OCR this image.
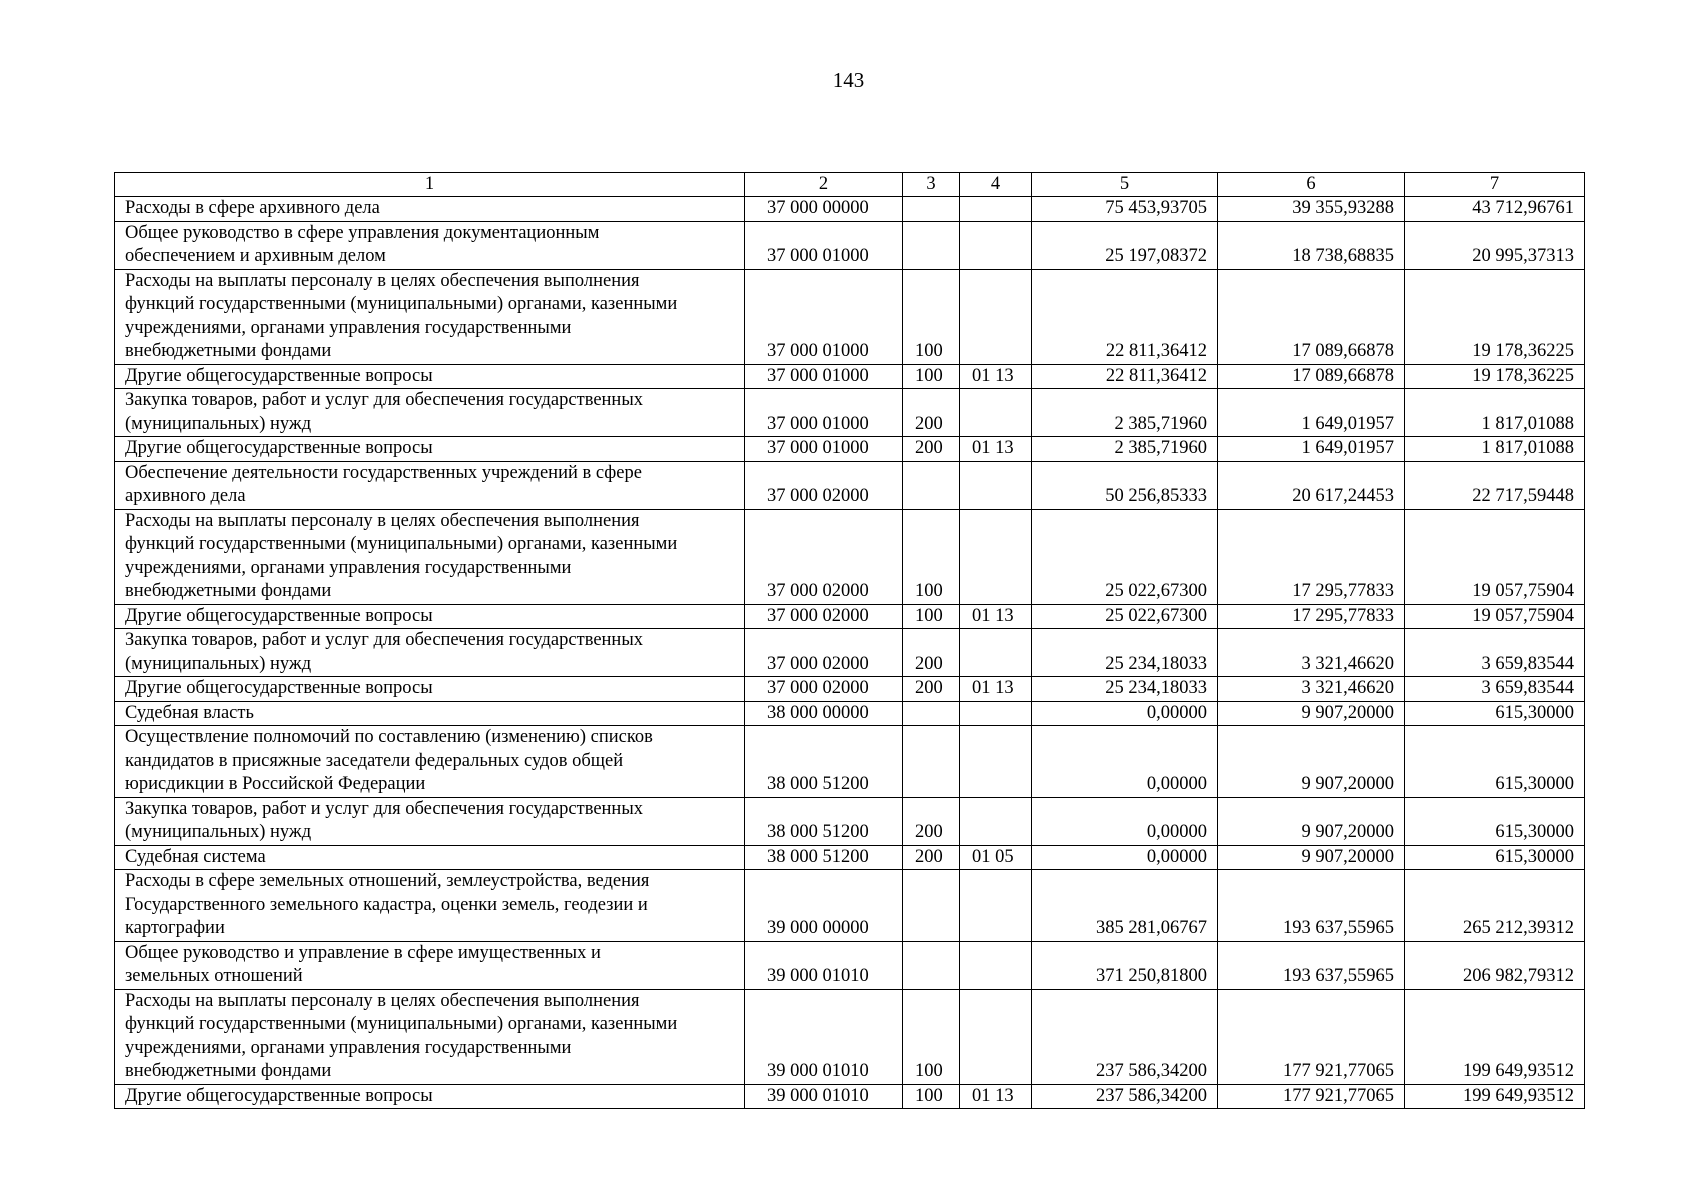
143
1	2	3	4	5	6	7

Расходы в сфере архивного дела	37 000 00000			75 453,93705	39 355,93288	43 712,96761

Общее руководство в сфере управления документационным
обеспечением и архивным делом	37 000 01000			25 197,08372	18 738,68835	20 995,37313

Расходы на выплаты персоналу в целях обеспечения выполнения
функций государственными (муниципальными) органами, казенными
учреждениями, органами управления государственными
внебюджетными фондами	37 000 01000	100		22 811,36412	17 089,66878	19 178,36225

Другие общегосударственные вопросы	37 000 01000	100	01 13	22 811,36412	17 089,66878	19 178,36225

Закупка товаров, работ и услуг для обеспечения государственных
(муниципальных) нужд	37 000 01000	200		2 385,71960	1 649,01957	1 817,01088

Другие общегосударственные вопросы	37 000 01000	200	01 13	2 385,71960	1 649,01957	1 817,01088

Обеспечение деятельности государственных учреждений в сфере
архивного дела	37 000 02000			50 256,85333	20 617,24453	22 717,59448

Расходы на выплаты персоналу в целях обеспечения выполнения
функций государственными (муниципальными) органами, казенными
учреждениями, органами управления государственными
внебюджетными фондами	37 000 02000	100		25 022,67300	17 295,77833	19 057,75904

Другие общегосударственные вопросы	37 000 02000	100	01 13	25 022,67300	17 295,77833	19 057,75904

Закупка товаров, работ и услуг для обеспечения государственных
(муниципальных) нужд	37 000 02000	200		25 234,18033	3 321,46620	3 659,83544

Другие общегосударственные вопросы	37 000 02000	200	01 13	25 234,18033	3 321,46620	3 659,83544

Судебная власть	38 000 00000			0,00000	9 907,20000	615,30000

Осуществление полномочий по составлению (изменению) списков
кандидатов в присяжные заседатели федеральных судов общей
юрисдикции в Российской Федерации	38 000 51200			0,00000	9 907,20000	615,30000

Закупка товаров, работ и услуг для обеспечения государственных
(муниципальных) нужд	38 000 51200	200		0,00000	9 907,20000	615,30000

Судебная система	38 000 51200	200	01 05	0,00000	9 907,20000	615,30000

Расходы в сфере земельных отношений, землеустройства, ведения
Государственного земельного кадастра, оценки земель, геодезии и
картографии	39 000 00000			385 281,06767	193 637,55965	265 212,39312

Общее руководство и управление в сфере имущественных и
земельных отношений	39 000 01010			371 250,81800	193 637,55965	206 982,79312

Расходы на выплаты персоналу в целях обеспечения выполнения
функций государственными (муниципальными) органами, казенными
учреждениями, органами управления государственными
внебюджетными фондами	39 000 01010	100		237 586,34200	177 921,77065	199 649,93512

Другие общегосударственные вопросы	39 000 01010	100	01 13	237 586,34200	177 921,77065	199 649,93512
